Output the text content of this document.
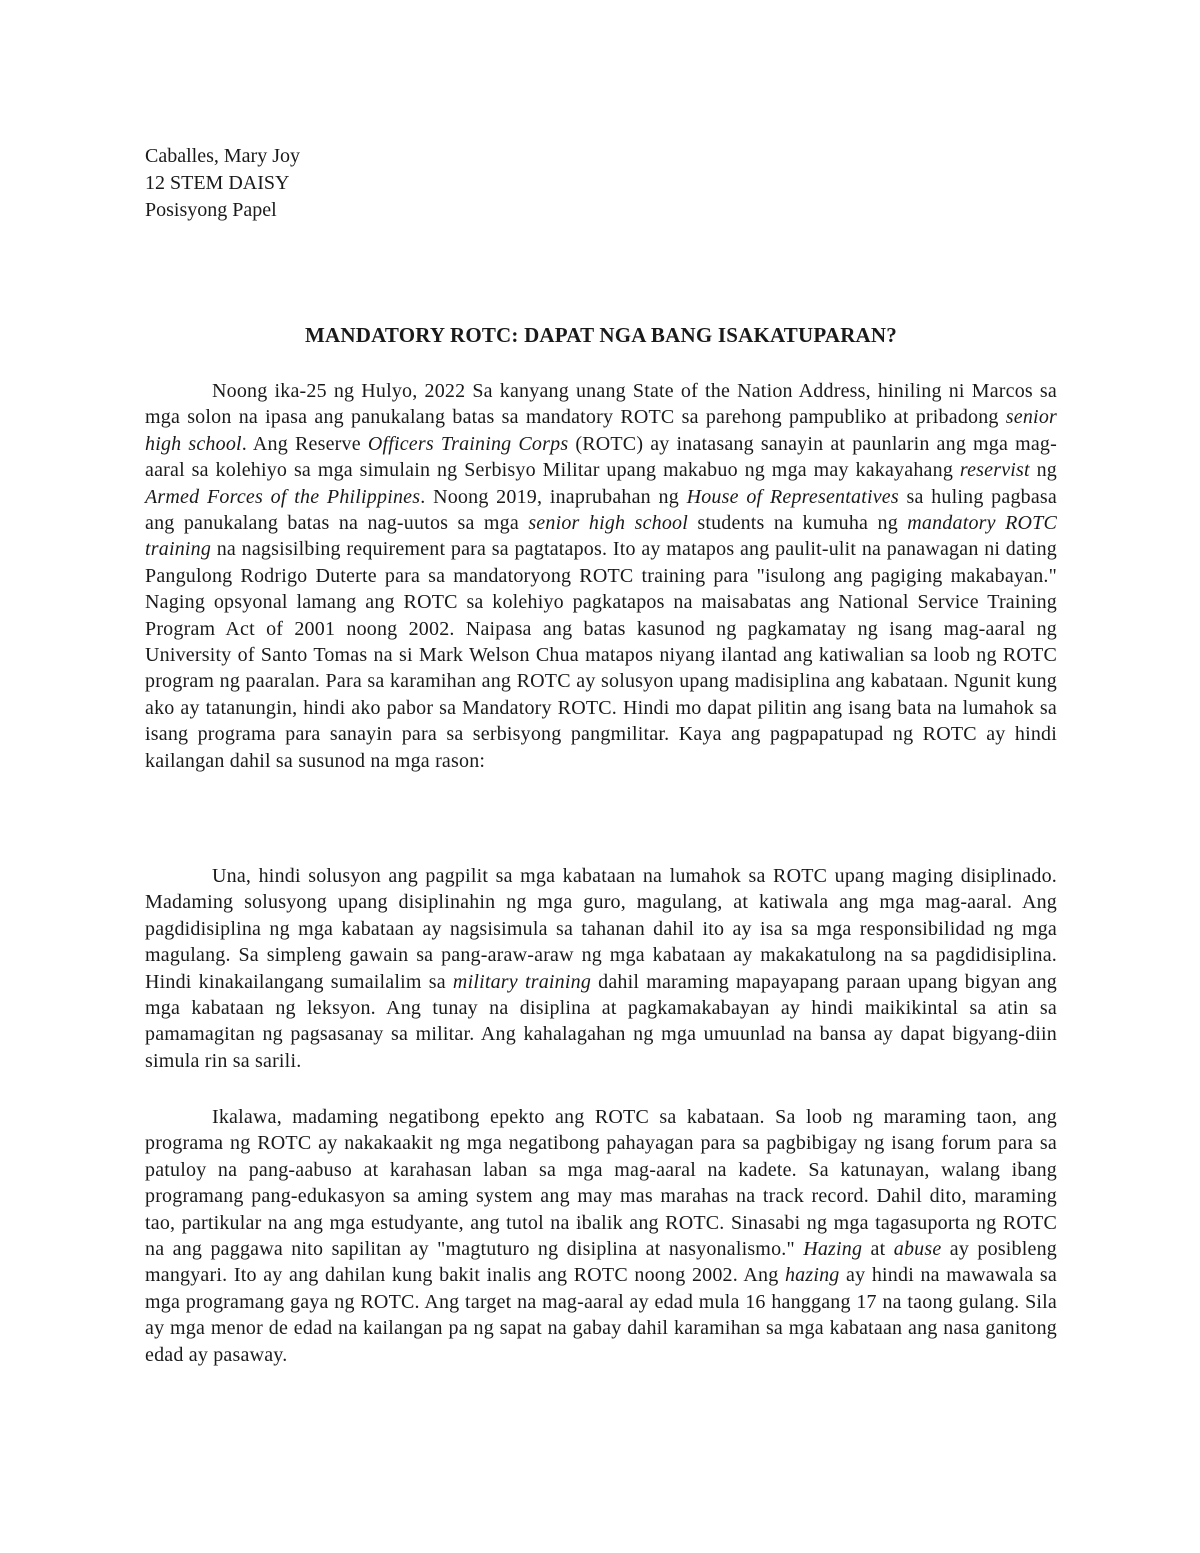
Caballes, Mary Joy
12 STEM DAISY
Posisyong Papel
MANDATORY ROTC: DAPAT NGA BANG ISAKATUPARAN?

Noong ika-25 ng Hulyo, 2022 Sa kanyang unang State of the Nation Address, hiniling ni Marcos sa mga solon na ipasa ang panukalang batas sa mandatory ROTC sa parehong pampubliko at pribadong senior high school. Ang Reserve Officers Training Corps (ROTC) ay inatasang sanayin at paunlarin ang mga mag-aaral sa kolehiyo sa mga simulain ng Serbisyo Militar upang makabuo ng mga may kakayahang reservist ng Armed Forces of the Philippines. Noong 2019, inaprubahan ng House of Representatives sa huling pagbasa ang panukalang batas na nag-uutos sa mga senior high school students na kumuha ng mandatory ROTC training na nagsisilbing requirement para sa pagtatapos. Ito ay matapos ang paulit-ulit na panawagan ni dating Pangulong Rodrigo Duterte para sa mandatoryong ROTC training para "isulong ang pagiging makabayan." Naging opsyonal lamang ang ROTC sa kolehiyo pagkatapos na maisabatas ang National Service Training Program Act of 2001 noong 2002. Naipasa ang batas kasunod ng pagkamatay ng isang mag-aaral ng University of Santo Tomas na si Mark Welson Chua matapos niyang ilantad ang katiwalian sa loob ng ROTC program ng paaralan. Para sa karamihan ang ROTC ay solusyon upang madisiplina ang kabataan. Ngunit kung ako ay tatanungin, hindi ako pabor sa Mandatory ROTC. Hindi mo dapat pilitin ang isang bata na lumahok sa isang programa para sanayin para sa serbisyong pangmilitar. Kaya ang pagpapatupad ng ROTC ay hindi kailangan dahil sa susunod na mga rason:

Una, hindi solusyon ang pagpilit sa mga kabataan na lumahok sa ROTC upang maging disiplinado. Madaming solusyong upang disiplinahin ng mga guro, magulang, at katiwala ang mga mag-aaral. Ang pagdidisiplina ng mga kabataan ay nagsisimula sa tahanan dahil ito ay isa sa mga responsibilidad ng mga magulang. Sa simpleng gawain sa pang-araw-araw ng mga kabataan ay makakatulong na sa pagdidisiplina. Hindi kinakailangang sumailalim sa military training dahil maraming mapayapang paraan upang bigyan ang mga kabataan ng leksyon. Ang tunay na disiplina at pagkamakabayan ay hindi maikikintal sa atin sa pamamagitan ng pagsasanay sa militar. Ang kahalagahan ng mga umuunlad na bansa ay dapat bigyang-diin simula rin sa sarili.

Ikalawa, madaming negatibong epekto ang ROTC sa kabataan. Sa loob ng maraming taon, ang programa ng ROTC ay nakakaakit ng mga negatibong pahayagan para sa pagbibigay ng isang forum para sa patuloy na pang-aabuso at karahasan laban sa mga mag-aaral na kadete. Sa katunayan, walang ibang programang pang-edukasyon sa aming system ang may mas marahas na track record. Dahil dito, maraming tao, partikular na ang mga estudyante, ang tutol na ibalik ang ROTC. Sinasabi ng mga tagasuporta ng ROTC na ang paggawa nito sapilitan ay "magtuturo ng disiplina at nasyonalismo." Hazing at abuse ay posibleng mangyari. Ito ay ang dahilan kung bakit inalis ang ROTC noong 2002. Ang hazing ay hindi na mawawala sa mga programang gaya ng ROTC. Ang target na mag-aaral ay edad mula 16 hanggang 17 na taong gulang. Sila ay mga menor de edad na kailangan pa ng sapat na gabay dahil karamihan sa mga kabataan ang nasa ganitong edad ay pasaway.
